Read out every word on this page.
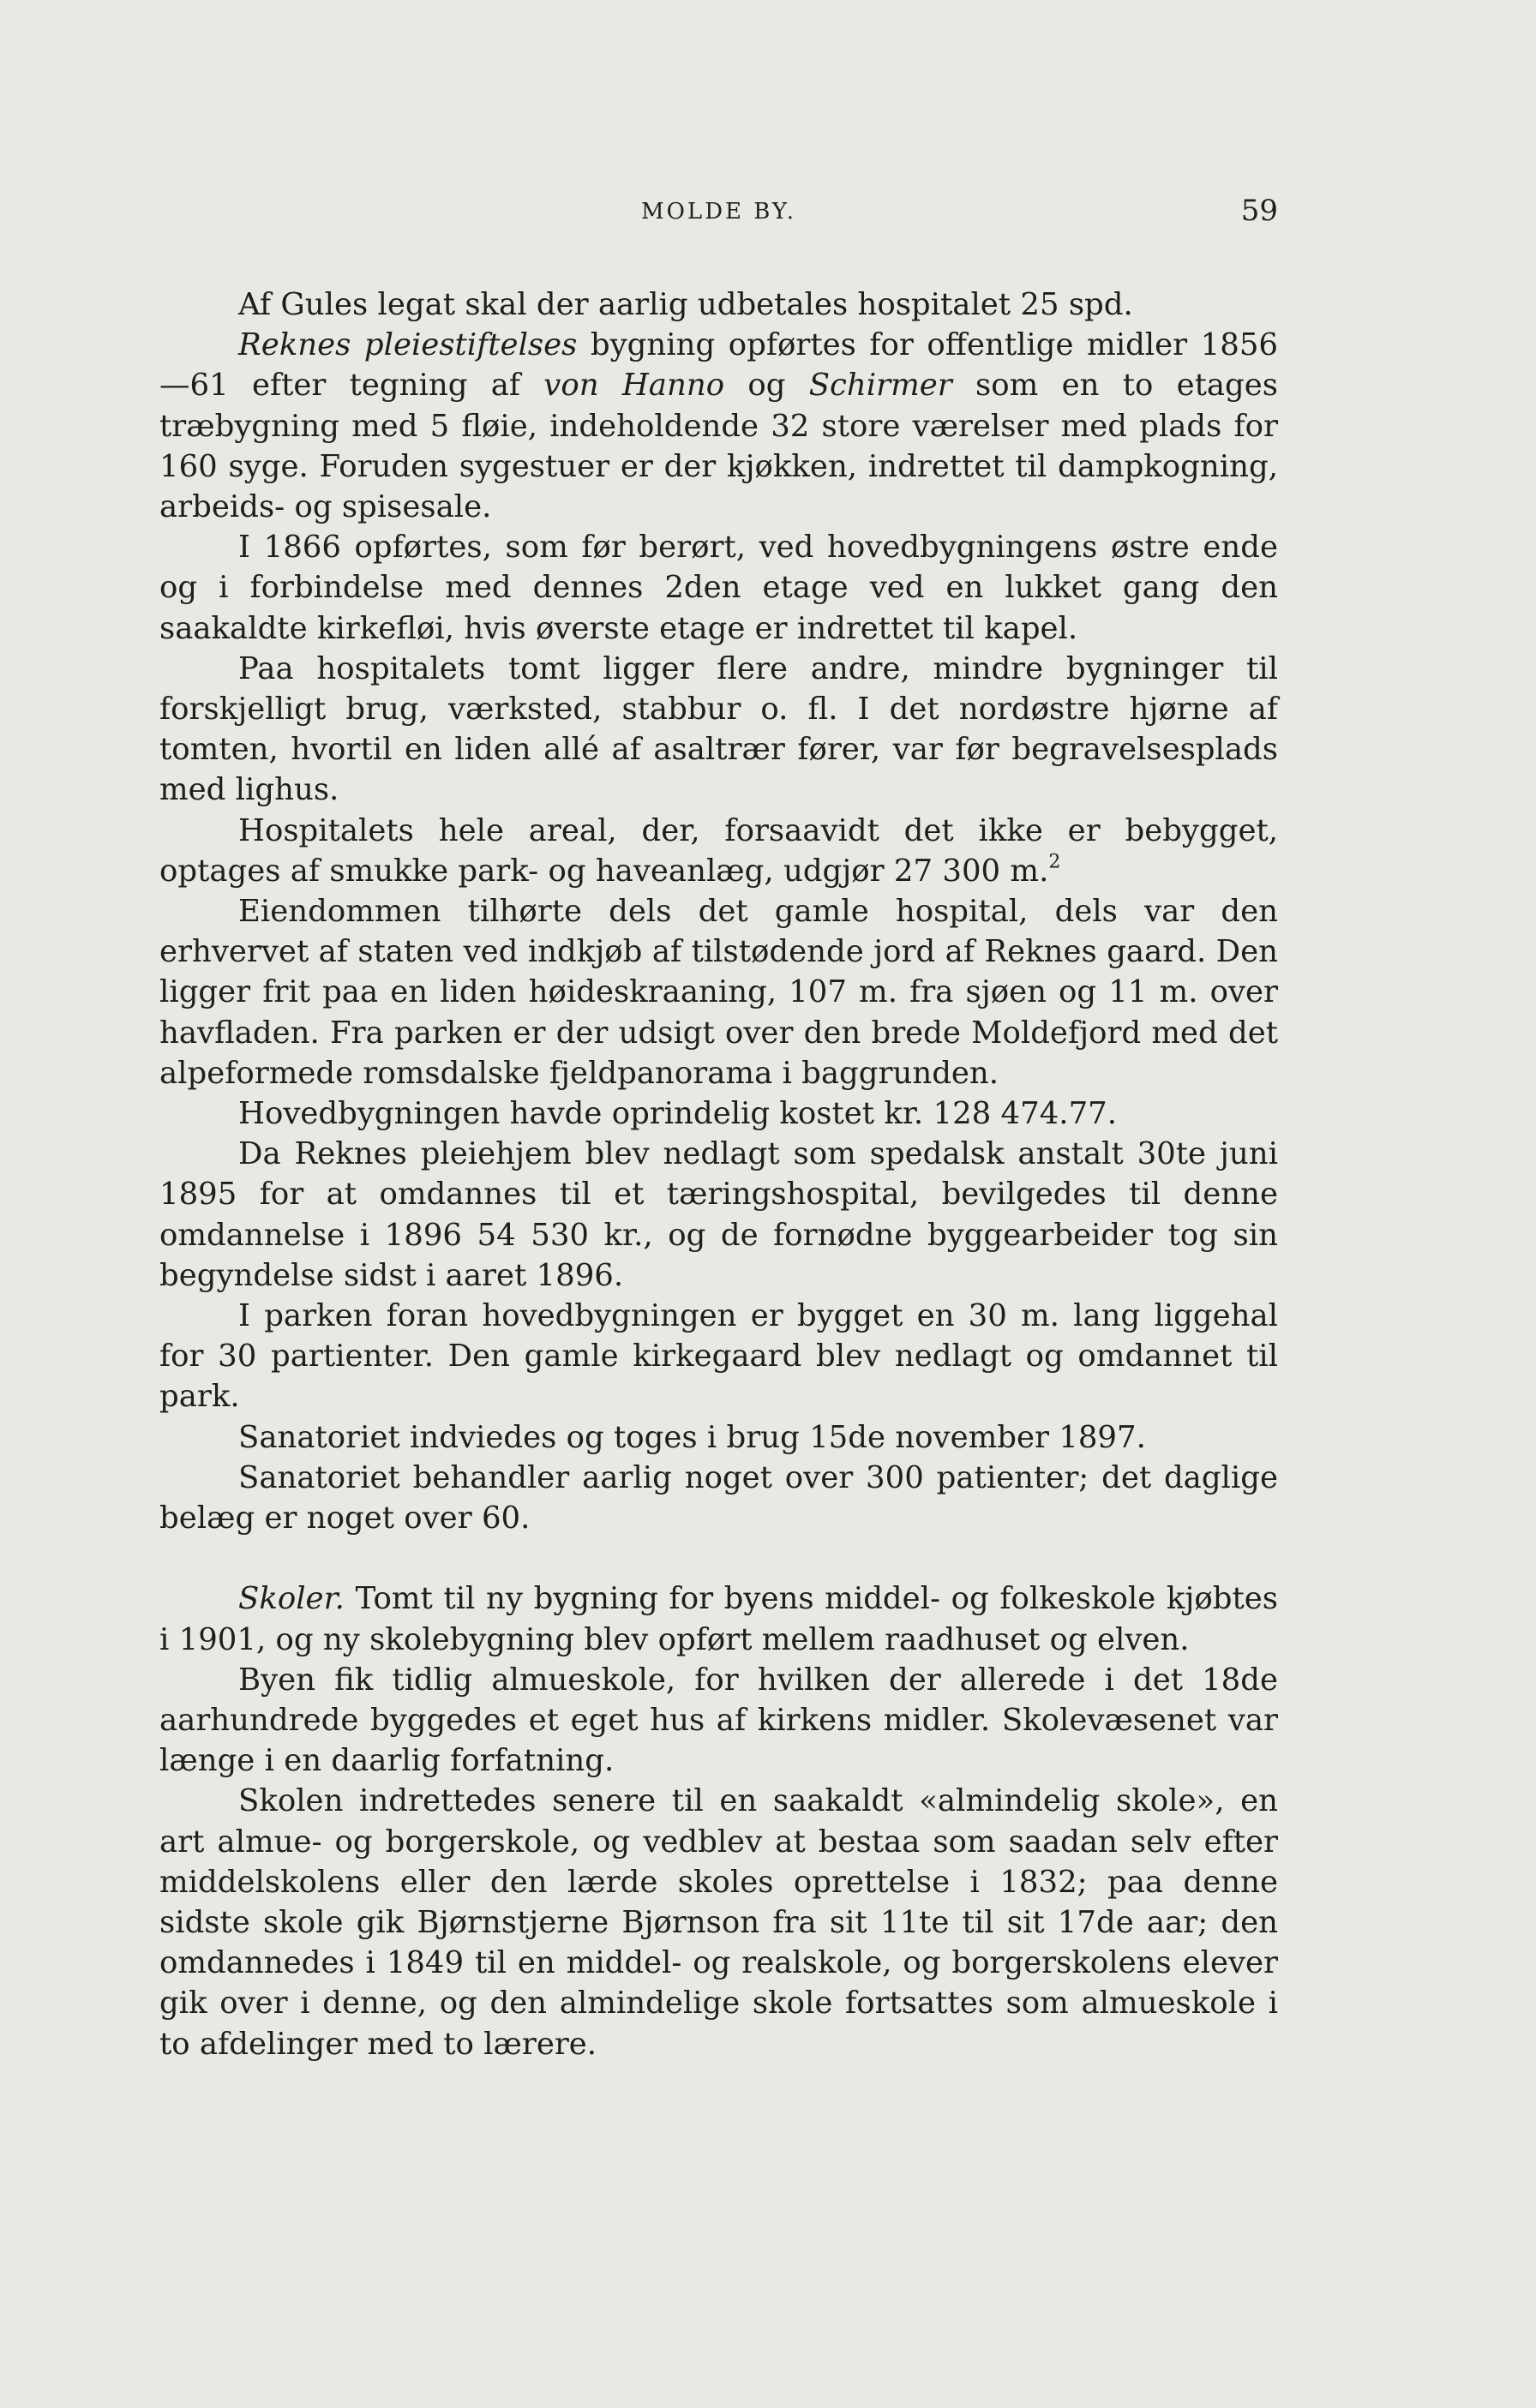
MOLDE BY.	59

Af Gules legat skal der aarlig udbetales hospitalet 25 spd.

Reknes pleiestiftelses bygning opførtes for offentlige midler 1856—61 efter tegning af von Hanno og Schirmer som en to etages træbygning med 5 fløie, indeholdende 32 store værelser med plads for 160 syge. Foruden sygestuer er der kjøkken, indrettet til dampkogning, arbeids- og spisesale.

I 1866 opførtes, som før berørt, ved hovedbygningens østre ende og i forbindelse med dennes 2den etage ved en lukket gang den saakaldte kirkefløi, hvis øverste etage er indrettet til kapel.

Paa hospitalets tomt ligger flere andre, mindre bygninger til forskjelligt brug, værksted, stabbur o. fl. I det nordøstre hjørne af tomten, hvortil en liden allé af asaltrær fører, var før begravelsesplads med lighus.

Hospitalets hele areal, der, forsaavidt det ikke er bebygget, optages af smukke park- og haveanlæg, udgjør 27 300 m.$^2$

Eiendommen tilhørte dels det gamle hospital, dels var den erhvervet af staten ved indkjøb af tilstødende jord af Reknes gaard. Den ligger frit paa en liden høideskraaning, 107 m. fra sjøen og 11 m. over havfladen. Fra parken er der udsigt over den brede Moldefjord med det alpeformede romsdalske fjeldpanorama i baggrunden.

Hovedbygningen havde oprindelig kostet kr. 128 474.77.

Da Reknes pleiehjem blev nedlagt som spedalsk anstalt 30te juni 1895 for at omdannes til et tæringshospital, bevilgedes til denne omdannelse i 1896 54 530 kr., og de fornødne byggearbeider tog sin begyndelse sidst i aaret 1896.

I parken foran hovedbygningen er bygget en 30 m. lang liggehal for 30 partienter. Den gamle kirkegaard blev nedlagt og omdannet til park.

Sanatoriet indviedes og toges i brug 15de november 1897.

Sanatoriet behandler aarlig noget over 300 patienter; det daglige belæg er noget over 60.

Skoler. Tomt til ny bygning for byens middel- og folkeskole kjøbtes i 1901, og ny skolebygning blev opført mellem raadhuset og elven.

Byen fik tidlig almueskole, for hvilken der allerede i det 18de aarhundrede byggedes et eget hus af kirkens midler. Skolevæsenet var længe i en daarlig forfatning.

Skolen indrettedes senere til en saakaldt «almindelig skole», en art almue- og borgerskole, og vedblev at bestaa som saadan selv efter middelskolens eller den lærde skoles oprettelse i 1832; paa denne sidste skole gik Bjørnstjerne Bjørnson fra sit 11te til sit 17de aar; den omdannedes i 1849 til en middel- og realskole, og borgerskolens elever gik over i denne, og den almindelige skole fortsattes som almueskole i to afdelinger med to lærere.
